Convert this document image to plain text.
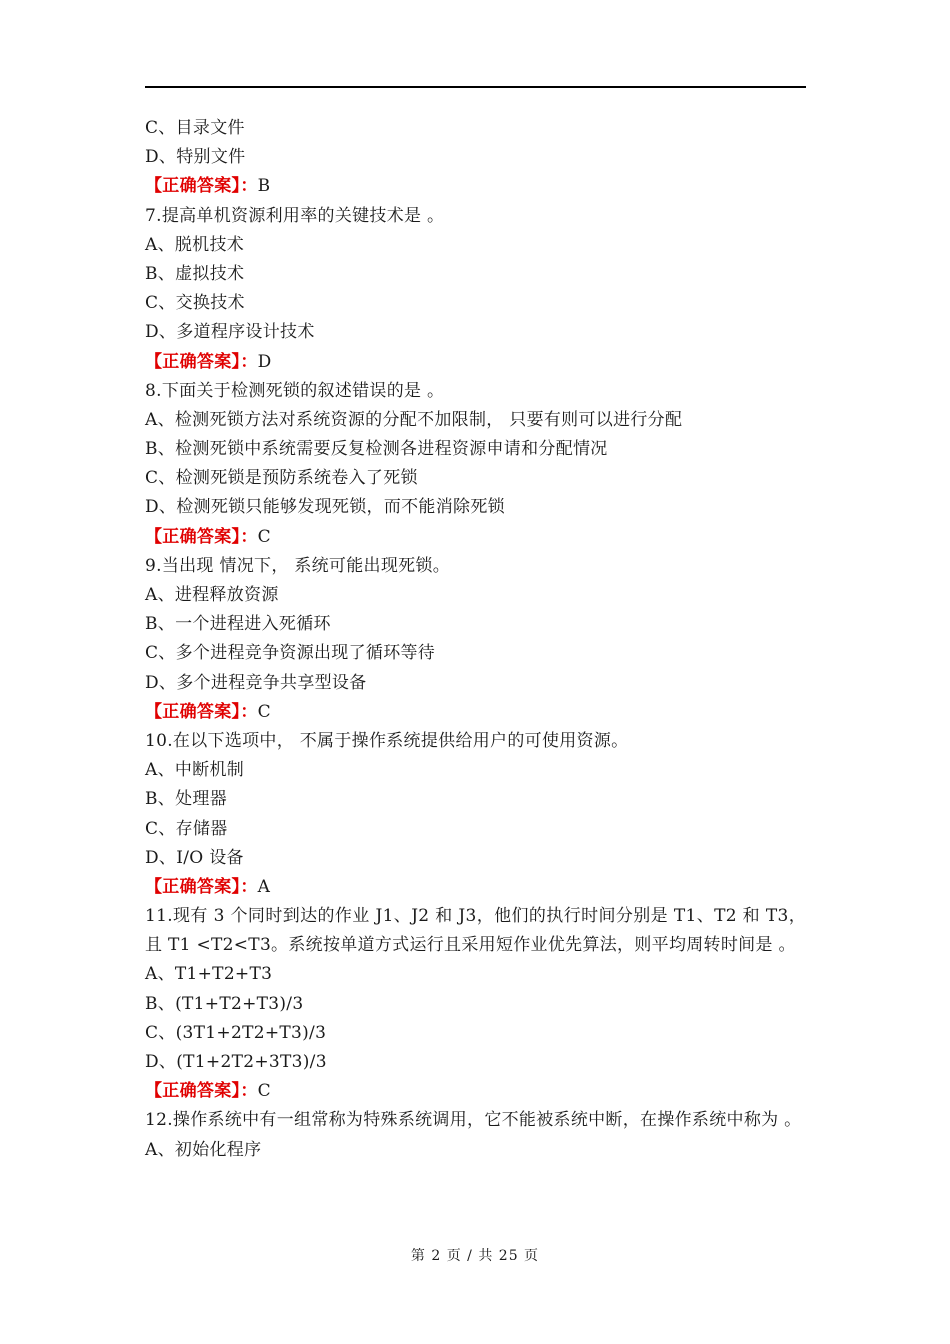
C、目录文件
D、特别文件
【正确答案】：B
7.提高单机资源利用率的关键技术是 。
A、脱机技术
B、虚拟技术
C、交换技术
D、多道程序设计技术
【正确答案】：D
8.下面关于检测死锁的叙述错误的是 。
A、检测死锁方法对系统资源的分配不加限制， 只要有则可以进行分配
B、检测死锁中系统需要反复检测各进程资源申请和分配情况
C、检测死锁是预防系统卷入了死锁
D、检测死锁只能够发现死锁，而不能消除死锁
【正确答案】：C
9.当出现 情况下， 系统可能出现死锁。
A、进程释放资源
B、一个进程进入死循环
C、多个进程竞争资源出现了循环等待
D、多个进程竞争共享型设备
【正确答案】：C
10.在以下选项中， 不属于操作系统提供给用户的可使用资源。
A、中断机制
B、处理器
C、存储器
D、I/O 设备
【正确答案】：A
11.现有 3 个同时到达的作业 J1、J2 和 J3，他们的执行时间分别是 T1、T2 和 T3，且 T1 <T2<T3。系统按单道方式运行且采用短作业优先算法，则平均周转时间是 。
A、T1+T2+T3
B、(T1+T2+T3)/3
C、(3T1+2T2+T3)/3
D、(T1+2T2+3T3)/3
【正确答案】：C
12.操作系统中有一组常称为特殊系统调用，它不能被系统中断，在操作系统中称为 。
A、初始化程序
第 2 页 / 共 25 页
